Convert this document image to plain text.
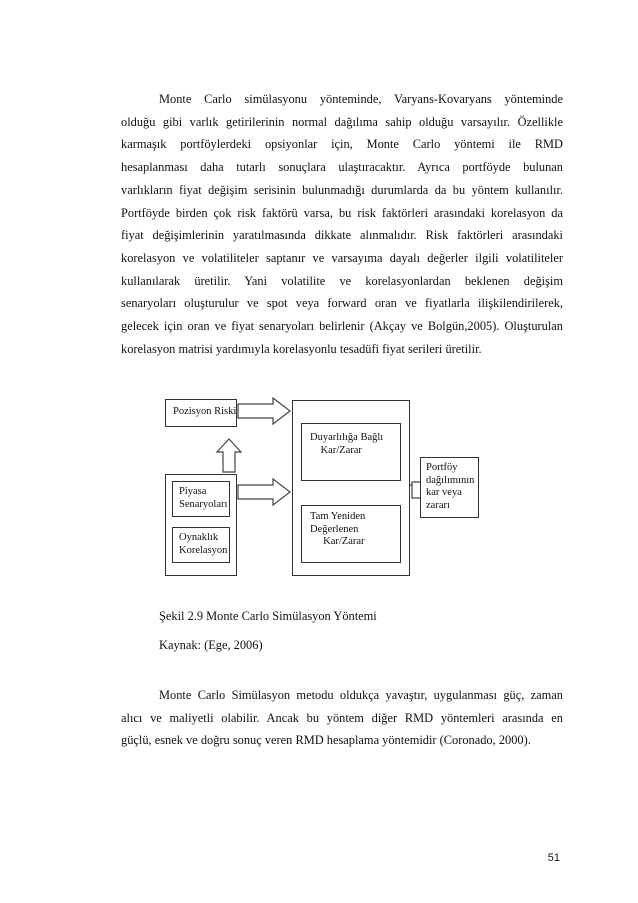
Monte Carlo simülasyonu yönteminde, Varyans-Kovaryans yönteminde
olduğu gibi varlık getirilerinin normal dağılıma sahip olduğu varsayılır. Özellikle
karmaşık portföylerdeki opsiyonlar için, Monte Carlo yöntemi ile RMD
hesaplanması daha tutarlı sonuçlara ulaştıracaktır. Ayrıca portföyde bulunan
varlıkların fiyat değişim serisinin bulunmadığı durumlarda da bu yöntem kullanılır.
Portföyde birden çok risk faktörü varsa, bu risk faktörleri arasındaki korelasyon da
fiyat değişimlerinin yaratılmasında dikkate alınmalıdır. Risk faktörleri arasındaki
korelasyon ve volatiliteler saptanır ve varsayıma dayalı değerler ilgili volatiliteler
kullanılarak üretilir. Yani volatilite ve korelasyonlardan beklenen değişim
senaryoları oluşturulur ve spot veya forward oran ve fiyatlarla ilişkilendirilerek,
gelecek için oran ve fiyat senaryoları belirlenir (Akçay ve Bolgün,2005). Oluşturulan
korelasyon matrisi yardımıyla korelasyonlu tesadüfi fiyat serileri üretilir.
Pozisyon Riski
Piyasa
Senaryoları
Oynaklık
Korelasyon
Duyarlılığa Bağlı
Kar/Zarar
Tam Yeniden
Değerlenen
Kar/Zarar
Portföy
dağılımının
kar veya
zararı

Şekil 2.9 Monte Carlo Simülasyon Yöntemi

Kaynak: (Ege, 2006)

Monte Carlo Simülasyon metodu oldukça yavaştır, uygulanması güç, zaman
alıcı ve maliyetli olabilir. Ancak bu yöntem diğer RMD yöntemleri arasında en
güçlü, esnek ve doğru sonuç veren RMD hesaplama yöntemidir (Coronado, 2000).
51
